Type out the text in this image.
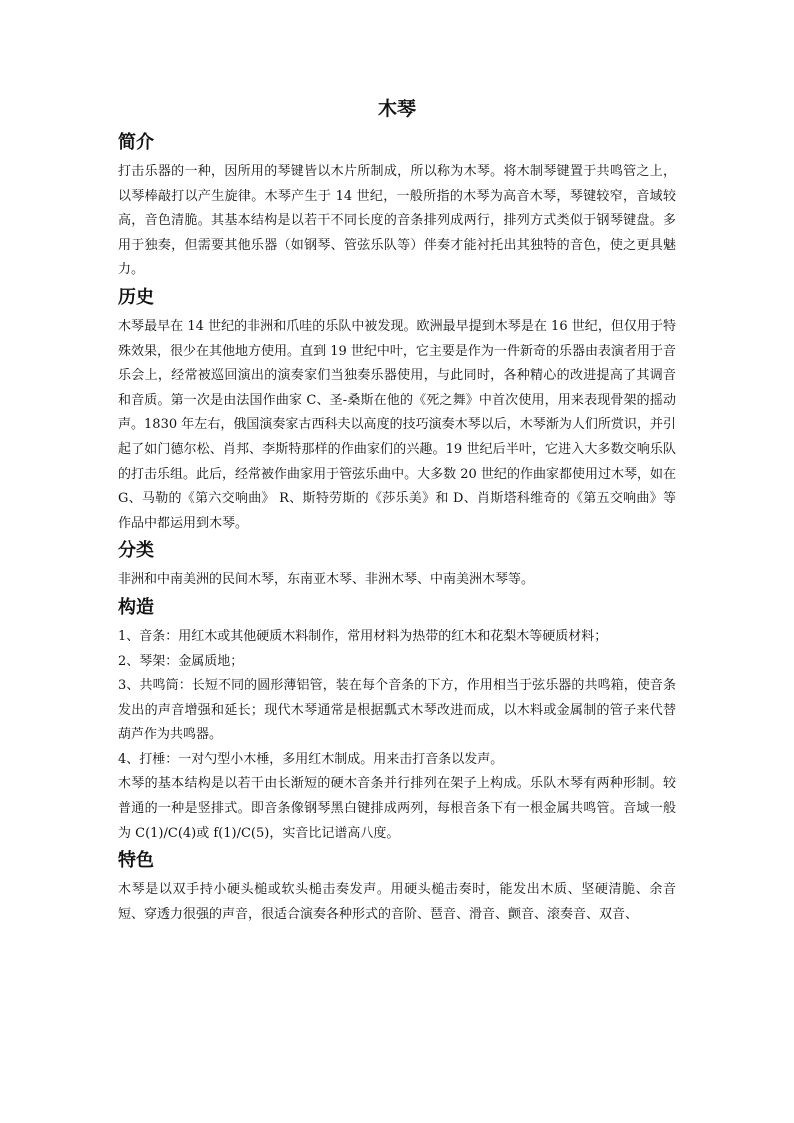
木琴
简介

打击乐器的一种，因所用的琴键皆以木片所制成，所以称为木琴。将木制琴键置于共鸣管之上，以琴棒敲打以产生旋律。木琴产生于 14 世纪，一般所指的木琴为高音木琴，琴键较窄，音域较高，音色清脆。其基本结构是以若干不同长度的音条排列成两行，排列方式类似于钢琴键盘。多用于独奏，但需要其他乐器（如钢琴、管弦乐队等）伴奏才能衬托出其独特的音色，使之更具魅力。

历史

木琴最早在 14 世纪的非洲和爪哇的乐队中被发现。欧洲最早提到木琴是在 16 世纪，但仅用于特殊效果，很少在其他地方使用。直到 19 世纪中叶，它主要是作为一件新奇的乐器由表演者用于音乐会上，经常被巡回演出的演奏家们当独奏乐器使用，与此同时，各种精心的改进提高了其调音和音质。第一次是由法国作曲家 C、圣-桑斯在他的《死之舞》中首次使用，用来表现骨架的摇动声。1830 年左右，俄国演奏家古西科夫以高度的技巧演奏木琴以后，木琴渐为人们所赏识，并引起了如门德尔松、肖邦、李斯特那样的作曲家们的兴趣。19 世纪后半叶，它进入大多数交响乐队的打击乐组。此后，经常被作曲家用于管弦乐曲中。大多数 20 世纪的作曲家都使用过木琴，如在 G、马勒的《第六交响曲》 R、斯特劳斯的《莎乐美》和 D、肖斯塔科维奇的《第五交响曲》等作品中都运用到木琴。

分类

非洲和中南美洲的民间木琴，东南亚木琴、非洲木琴、中南美洲木琴等。

构造

1、音条：用红木或其他硬质木料制作，常用材料为热带的红木和花梨木等硬质材料；

2、琴架：金属质地；

3、共鸣筒：长短不同的圆形薄铝管，装在每个音条的下方，作用相当于弦乐器的共鸣箱，使音条发出的声音增强和延长；现代木琴通常是根据瓢式木琴改进而成，以木料或金属制的管子来代替葫芦作为共鸣器。

4、打棰：一对勺型小木棰，多用红木制成。用来击打音条以发声。

木琴的基本结构是以若干由长渐短的硬木音条并行排列在架子上构成。乐队木琴有两种形制。较普通的一种是竖排式。即音条像钢琴黑白键排成两列，每根音条下有一根金属共鸣管。音域一般为 C(1)/C(4)或 f(1)/C(5)，实音比记谱高八度。

特色

木琴是以双手持小硬头槌或软头槌击奏发声。用硬头槌击奏时，能发出木质、坚硬清脆、余音短、穿透力很强的声音，很适合演奏各种形式的音阶、琶音、滑音、颤音、滚奏音、双音、
